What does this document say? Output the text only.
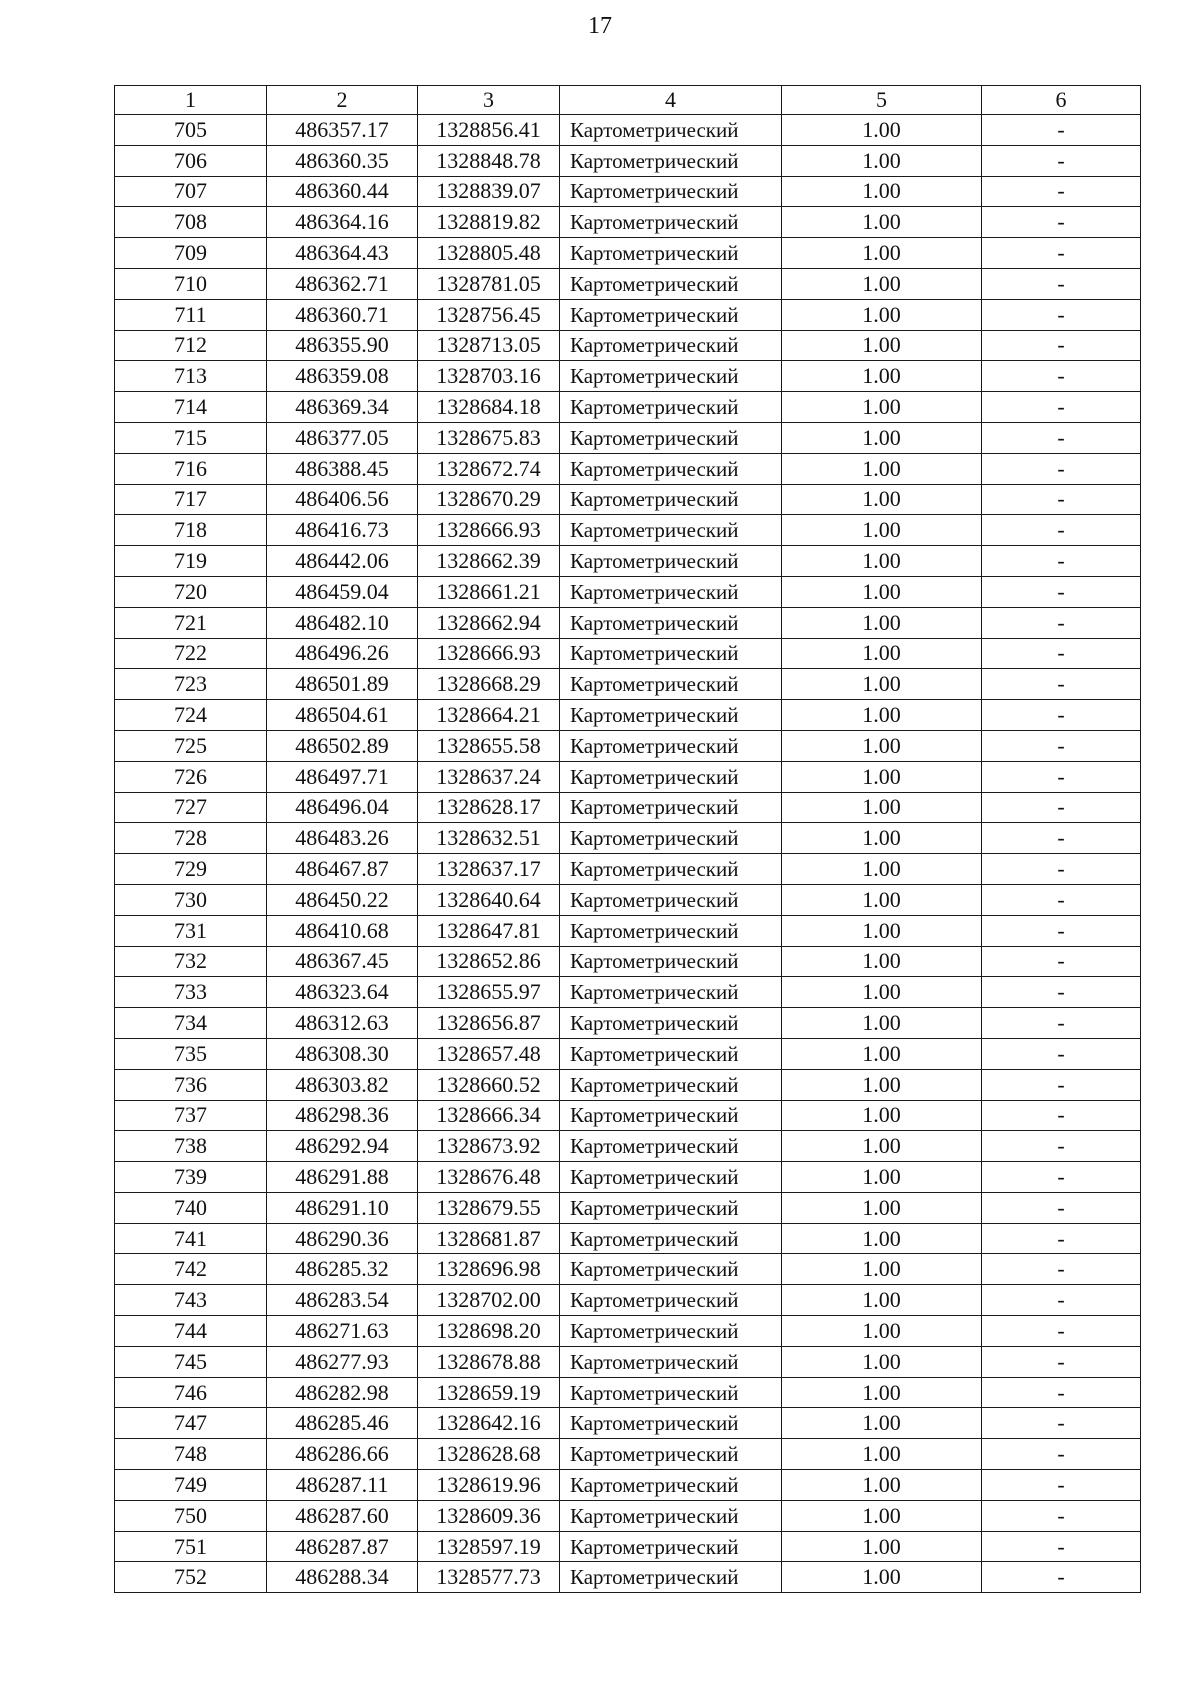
17
1	2	3	4	5	6
705	486357.17	1328856.41	Картометрический	1.00	-
706	486360.35	1328848.78	Картометрический	1.00	-
707	486360.44	1328839.07	Картометрический	1.00	-
708	486364.16	1328819.82	Картометрический	1.00	-
709	486364.43	1328805.48	Картометрический	1.00	-
710	486362.71	1328781.05	Картометрический	1.00	-
711	486360.71	1328756.45	Картометрический	1.00	-
712	486355.90	1328713.05	Картометрический	1.00	-
713	486359.08	1328703.16	Картометрический	1.00	-
714	486369.34	1328684.18	Картометрический	1.00	-
715	486377.05	1328675.83	Картометрический	1.00	-
716	486388.45	1328672.74	Картометрический	1.00	-
717	486406.56	1328670.29	Картометрический	1.00	-
718	486416.73	1328666.93	Картометрический	1.00	-
719	486442.06	1328662.39	Картометрический	1.00	-
720	486459.04	1328661.21	Картометрический	1.00	-
721	486482.10	1328662.94	Картометрический	1.00	-
722	486496.26	1328666.93	Картометрический	1.00	-
723	486501.89	1328668.29	Картометрический	1.00	-
724	486504.61	1328664.21	Картометрический	1.00	-
725	486502.89	1328655.58	Картометрический	1.00	-
726	486497.71	1328637.24	Картометрический	1.00	-
727	486496.04	1328628.17	Картометрический	1.00	-
728	486483.26	1328632.51	Картометрический	1.00	-
729	486467.87	1328637.17	Картометрический	1.00	-
730	486450.22	1328640.64	Картометрический	1.00	-
731	486410.68	1328647.81	Картометрический	1.00	-
732	486367.45	1328652.86	Картометрический	1.00	-
733	486323.64	1328655.97	Картометрический	1.00	-
734	486312.63	1328656.87	Картометрический	1.00	-
735	486308.30	1328657.48	Картометрический	1.00	-
736	486303.82	1328660.52	Картометрический	1.00	-
737	486298.36	1328666.34	Картометрический	1.00	-
738	486292.94	1328673.92	Картометрический	1.00	-
739	486291.88	1328676.48	Картометрический	1.00	-
740	486291.10	1328679.55	Картометрический	1.00	-
741	486290.36	1328681.87	Картометрический	1.00	-
742	486285.32	1328696.98	Картометрический	1.00	-
743	486283.54	1328702.00	Картометрический	1.00	-
744	486271.63	1328698.20	Картометрический	1.00	-
745	486277.93	1328678.88	Картометрический	1.00	-
746	486282.98	1328659.19	Картометрический	1.00	-
747	486285.46	1328642.16	Картометрический	1.00	-
748	486286.66	1328628.68	Картометрический	1.00	-
749	486287.11	1328619.96	Картометрический	1.00	-
750	486287.60	1328609.36	Картометрический	1.00	-
751	486287.87	1328597.19	Картометрический	1.00	-
752	486288.34	1328577.73	Картометрический	1.00	-
